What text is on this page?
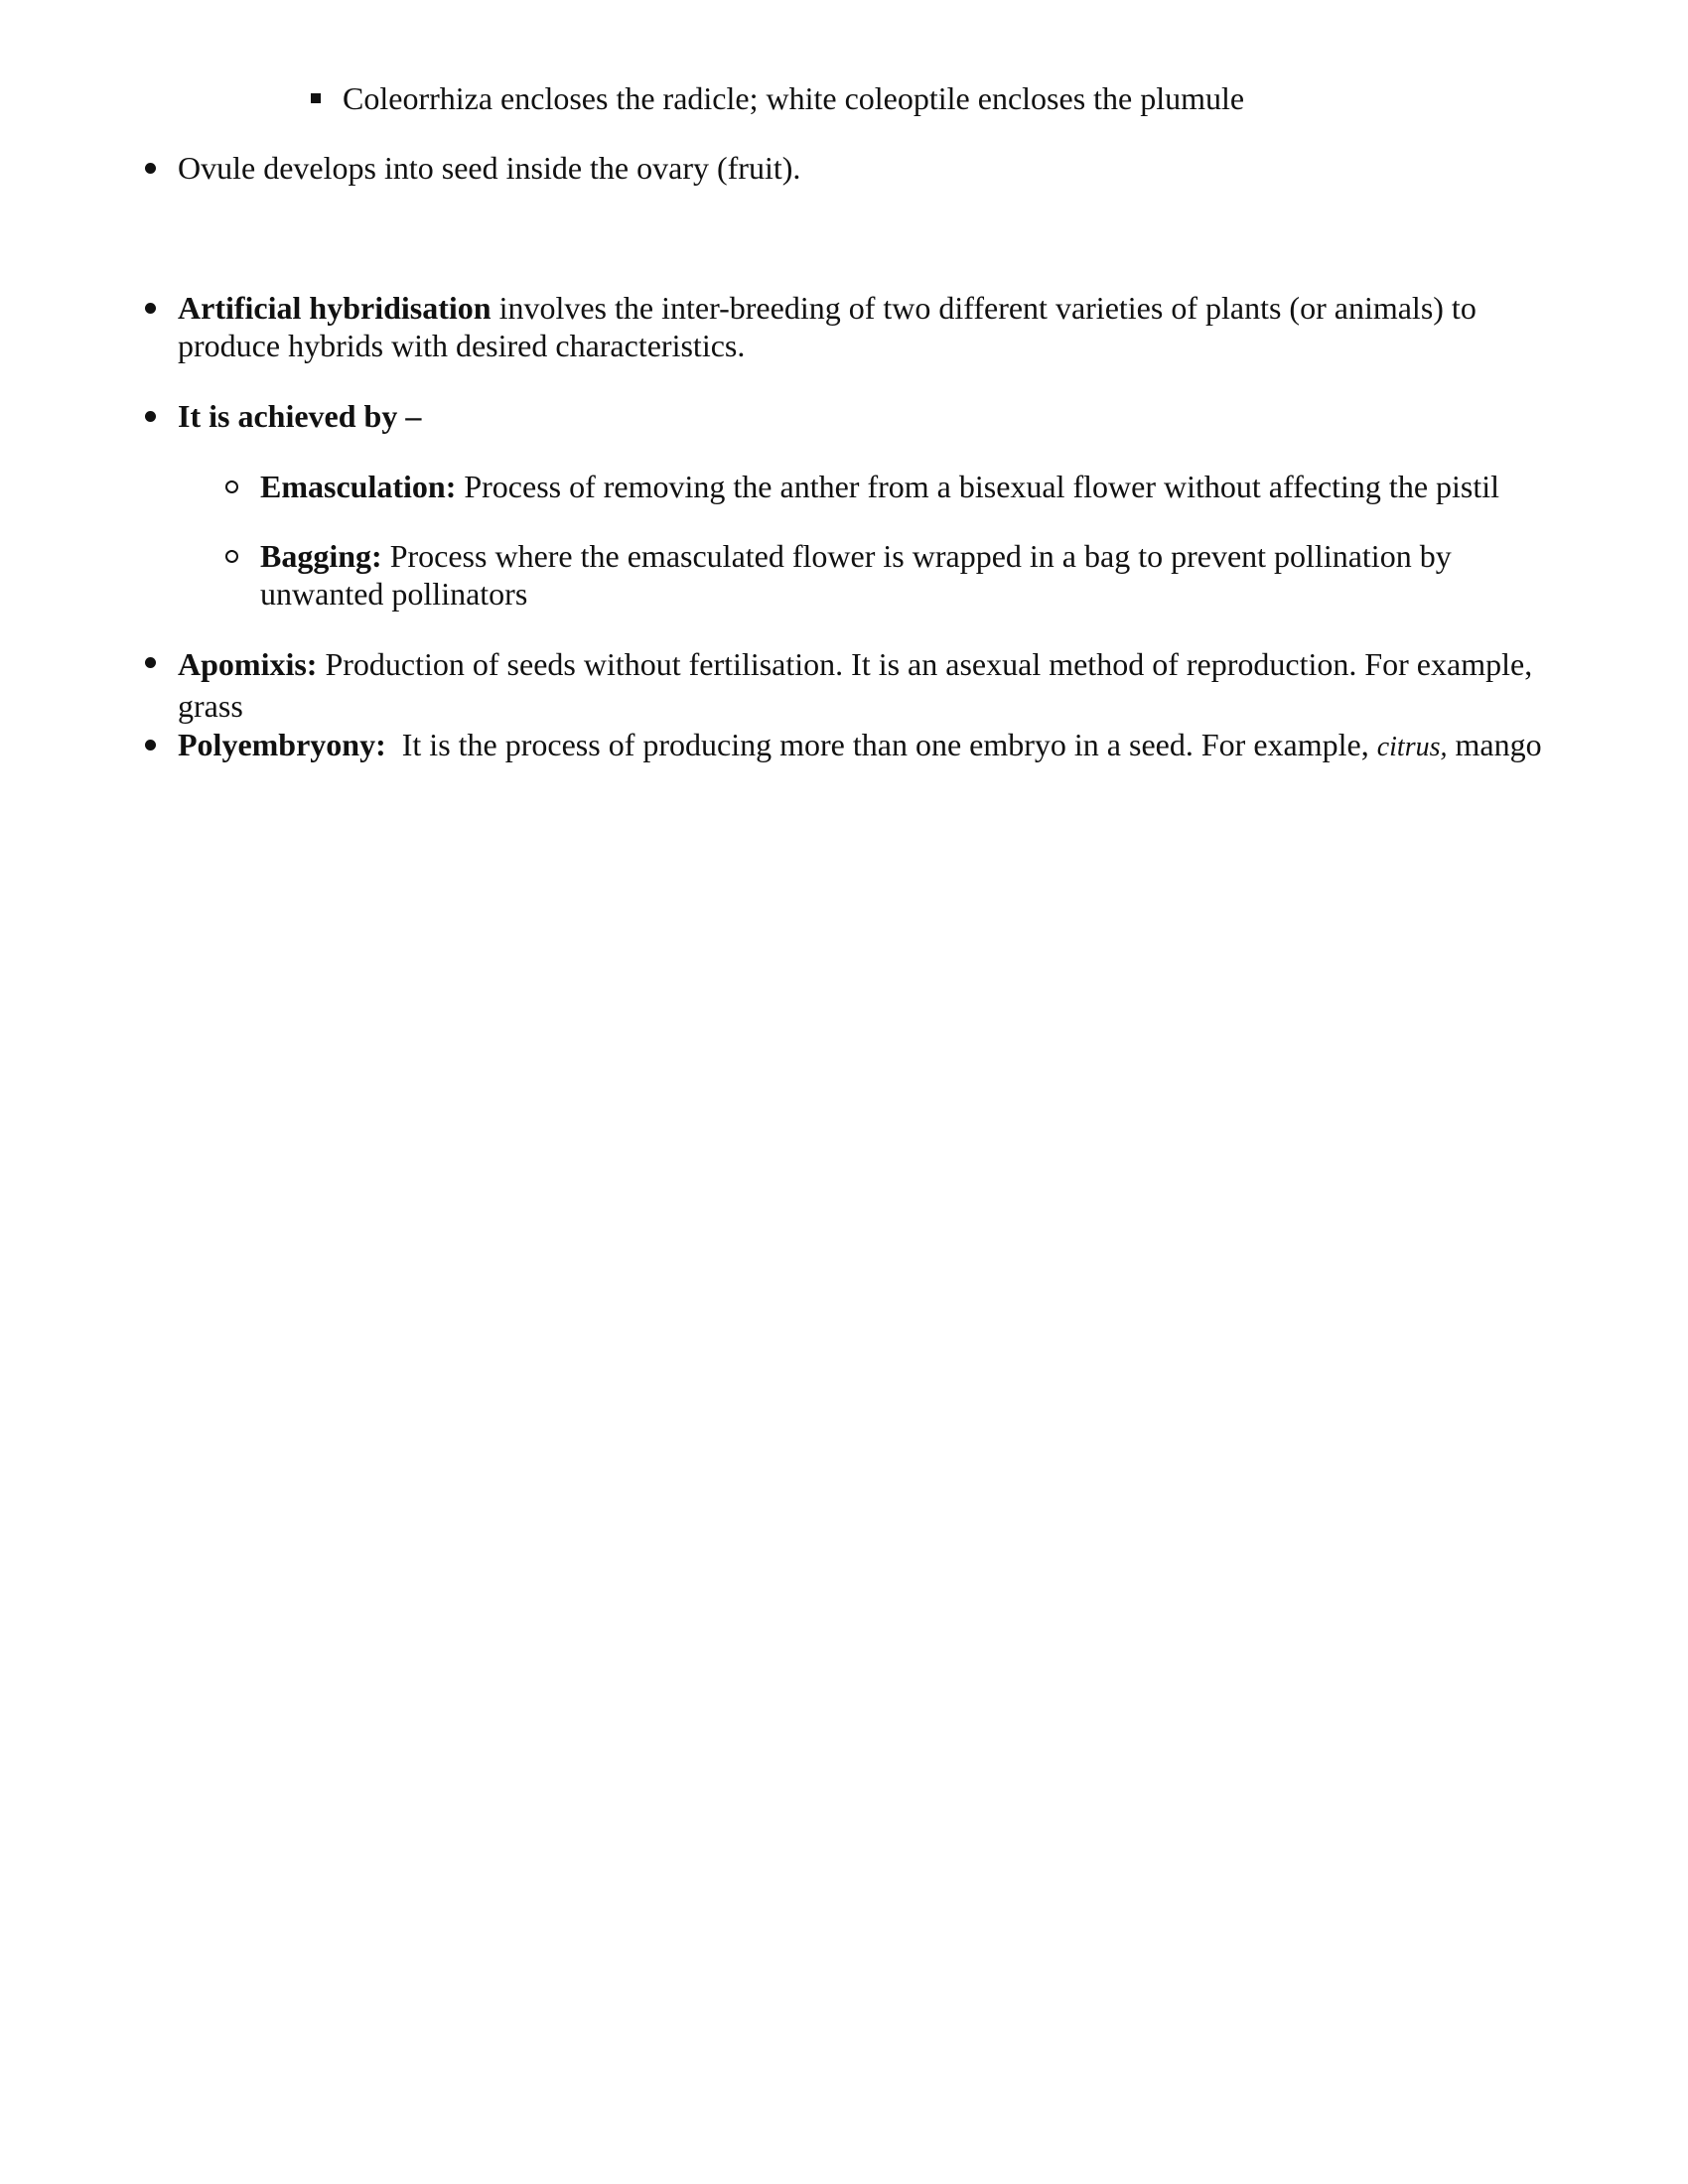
Coleorrhiza encloses the radicle; white coleoptile encloses the plumule
Ovule develops into seed inside the ovary (fruit).
Artificial hybridisation involves the inter-breeding of two different varieties of plants (or animals) to produce hybrids with desired characteristics.
It is achieved by –
Emasculation: Process of removing the anther from a bisexual flower without affecting the pistil
Bagging: Process where the emasculated flower is wrapped in a bag to prevent pollination by unwanted pollinators
Apomixis: Production of seeds without fertilisation. It is an asexual method of reproduction. For example, grass
Polyembryony:  It is the process of producing more than one embryo in a seed. For example, citrus, mango
